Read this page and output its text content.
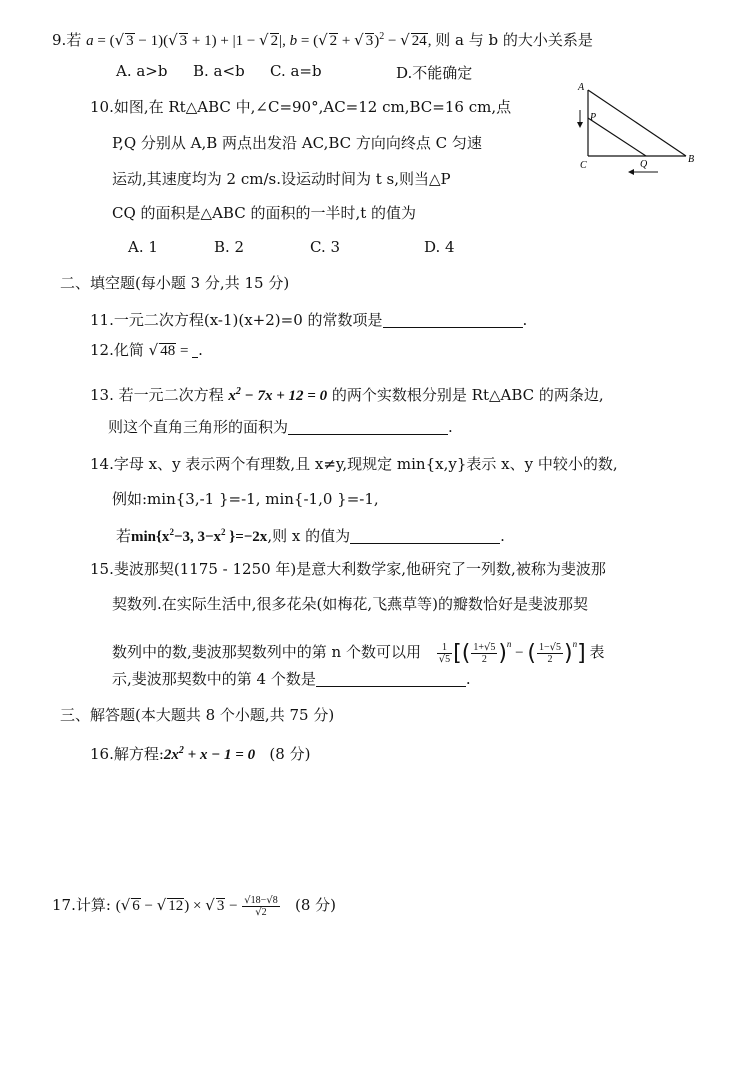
9.若 a = (√ 3 − 1)(√ 3 + 1) + |1 − √ 2|, b = (√ 2 + √ 3)$^2$ − √ 24, 则 a 与 b 的大小关系是
A. a>b B. a<b C. a=b	D.不能确定
10.如图,在 Rt△ABC 中,∠C=90°,AC=12 cm,BC=16 cm,点
P,Q 分别从 A,B 两点出发沿 AC,BC 方向向终点 C 匀速
运动,其速度均为 2 cm/s.设运动时间为 t s,则当△P
CQ 的面积是△ABC 的面积的一半时,t 的值为
A. 1	B. 2	C. 3	D. 4
A
P
C	Q	B
二、填空题(每小题 3 分,共 15 分)
11.一元二次方程(x-1)(x+2)=0 的常数项是	.
12.化简 √ 48 = .
13. 若一元二次方程 $x^2 - 7x + 12 = 0$ 的两个实数根分别是 Rt△ABC 的两条边,
则这个直角三角形的面积为	.
14.字母 x、y 表示两个有理数,且 x≠y,现规定 min{x,y}表示 x、y 中较小的数,
例如:min{3,-1 }=-1, min{-1,0 }=-1,
若$\min\{x^2-3$, $3-x^2$ }=−2x,则 x 的值为	.
15.斐波那契(1175 - 1250 年)是意大利数学家,他研究了一列数,被称为斐波那
契数列.在实际生活中,很多花朵(如梅花,飞燕草等)的瓣数恰好是斐波那契
数列中的数,斐波那契数列中的第 n 个数可以用 $\frac{1}{√5}$ [( $\frac{1+√5}{2} )^n$ − ( $\frac{1-√5}{2} )^n$] 表
示,斐波那契数中的第 4 个数是	.
三、解答题(本大题共 8 个小题,共 75 分)
16.解方程$:2x^2 + x - 1 = 0$ (8 分)
17.计算: (√ 6 − √ 12) × √ $3 - \frac{√18-√8}{√2} (8$ 分)
